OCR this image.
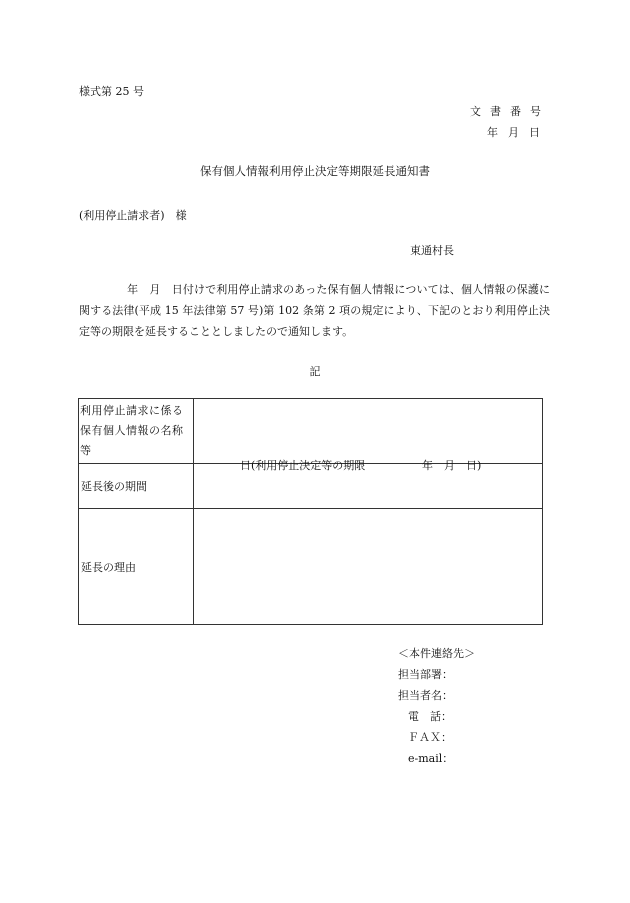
様式第 25 号
文書番号
年月日
保有個人情報利用停止決定等期限延長通知書
(利用停止請求者)　様
東通村長
年　月　日付けで利用停止請求のあった保有個人情報については、個人情報の保護に関する法律(平成 15 年法律第 57 号)第 102 条第 2 項の規定により、下記のとおり利用停止決定等の期限を延長することとしましたので通知します。
記
利用停止請求に係る保有個人情報の名称等	
延長後の期間	日(利用停止決定等の期限 年　月　日)

延長の理由	
＜本件連絡先＞
担当部署：
担当者名：
電　話：
ＦＡＸ：
e-mail：
